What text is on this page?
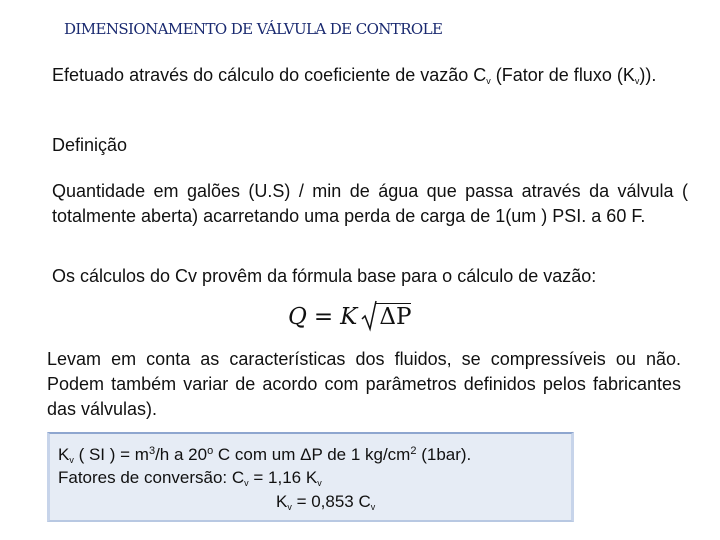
DIMENSIONAMENTO DE VÁLVULA DE CONTROLE

Efetuado através do cálculo do coeficiente de vazão $C_v$ (Fator de fluxo $(K_v)$).

Definição

Quantidade em galões (U.S) / min de água que passa através da válvula ( totalmente aberta) acarretando uma perda de carga de 1(um ) PSI. a 60 F.

Os cálculos do Cv provêm da fórmula base para o cálculo de vazão:

Q = K ΔP

Levam em conta as características dos fluidos, se compressíveis ou não. Podem também variar de acordo com parâmetros definidos pelos fabricantes das válvulas).

$K_v$ ( SI ) = $m^3/h$ a 20$^o$ C com um ΔP de 1 $kg/cm^2$ (1bar).
Fatores de conversão: $C_v = 1,16$ $K_v$
$K_v = 0,853$ $C_v$
